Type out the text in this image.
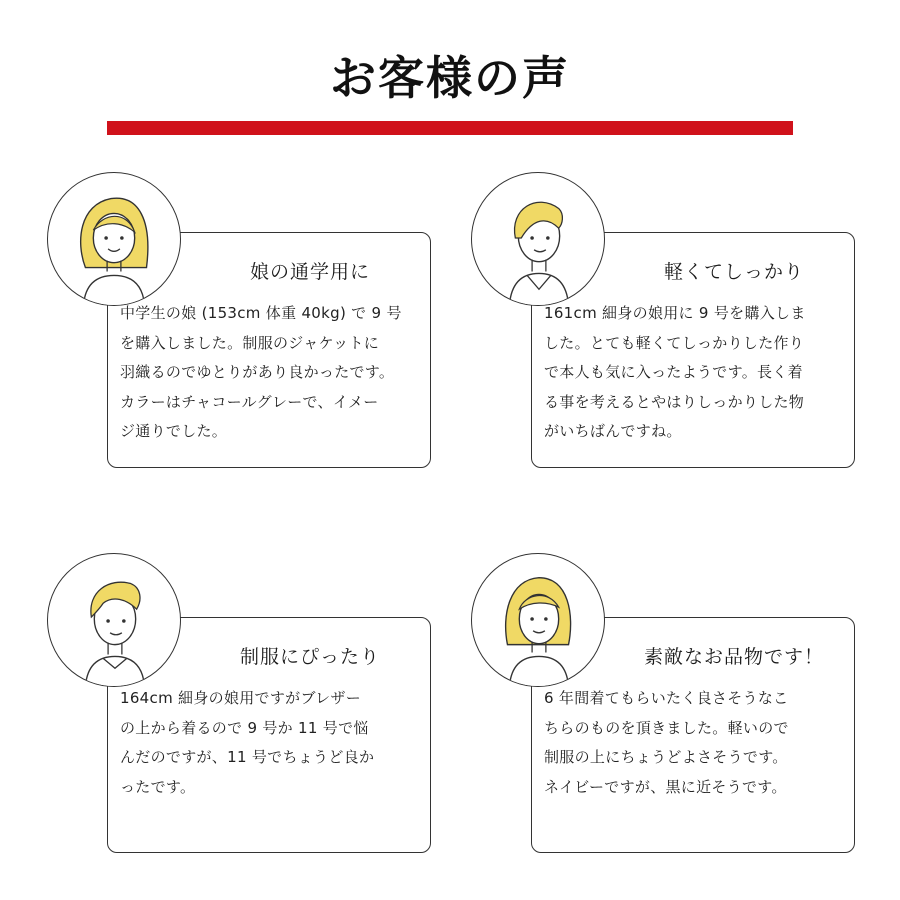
お客様の声
娘の通学用に
中学生の娘 (153cm 体重 40kg) で 9 号
を購入しました。制服のジャケットに
羽織るのでゆとりがあり良かったです。
カラーはチャコールグレーで、イメー
ジ通りでした。
軽くてしっかり
161cm 細身の娘用に 9 号を購入しま
した。とても軽くてしっかりした作り
で本人も気に入ったようです。長く着
る事を考えるとやはりしっかりした物
がいちばんですね。
制服にぴったり
164cm 細身の娘用ですがブレザー
の上から着るので 9 号か 11 号で悩
んだのですが、11 号でちょうど良か
ったです。
素敵なお品物です！
6 年間着てもらいたく良さそうなこ
ちらのものを頂きました。軽いので
制服の上にちょうどよさそうです。
ネイビーですが、黒に近そうです。
